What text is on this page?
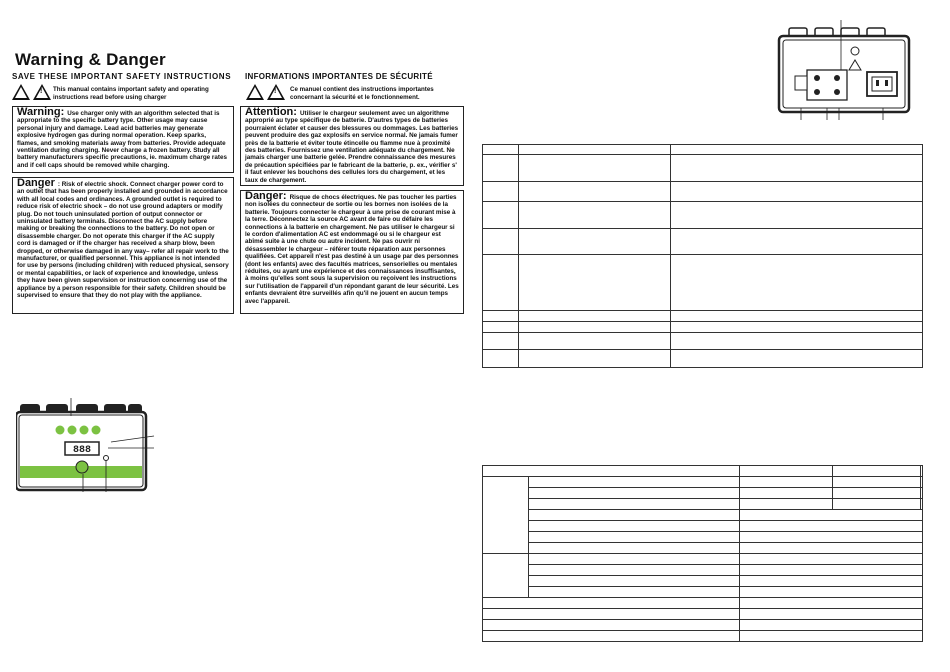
Warning & Danger
SAVE THESE IMPORTANT SAFETY INSTRUCTIONS
! This manual contains important safety and operating instructions read before using charger
Warning: Use charger only with an algorithm selected that is appropriate to the specific battery type. Other usage may cause personal injury and damage. Lead acid batteries may generate explosive hydrogen gas during normal operation. Keep sparks, flames, and smoking materials away from batteries. Provide adequate ventilation during charging. Never charge a frozen battery. Study all battery manufacturers specific precautions, ie. maximum charge rates and if cell caps should be removed while charging.
Danger : Risk of electric shock. Connect charger power cord to an outlet that has been properly installed and grounded in accordance with all local codes and ordinances. A grounded outlet is required to reduce risk of electric shock – do not use ground adapters or modify plug. Do not touch uninsulated portion of output connector or uninsulated battery terminals. Disconnect the AC supply before making or breaking the connections to the battery. Do not open or disassemble charger. Do not operate this charger if the AC supply cord is damaged or if the charger has received a sharp blow, been dropped, or otherwise damaged in any way– refer all repair work to the manufacturer, or qualified personnel. This appliance is not intended for use by persons (including children) with reduced physical, sensory or mental capabilities, or lack of experience and knowledge, unless they have been given supervision or instruction concerning use of the appliance by a person responsible for their safety. Children should be supervised to ensure that they do not play with the appliance.
INFORMATIONS IMPORTANTES DE SÉCURITÉ
! Ce manuel contient des instructions importantes concernant la sécurité et le fonctionnement.
Attention: Utiliser le chargeur seulement avec un algorithme approprié au type spécifique de batterie. D'autres types de batteries pourraient éclater et causer des blessures ou dommages. Les batteries peuvent produire des gaz explosifs en service normal. Ne jamais fumer près de la batterie et éviter toute étincelle ou flamme nue à proximité des batteries. Fournissez une ventilation adéquate du chargement. Ne jamais charger une batterie gelée. Prendre connaissance des mesures de précaution spécifiées par le fabricant de la batterie, p. ex., vérifier s' il faut enlever les bouchons des cellules lors du chargement, et les taux de chargement.
Danger: Risque de chocs électriques. Ne pas toucher les parties non isolées du connecteur de sortie ou les bornes non isolées de la batterie. Toujours connecter le chargeur à une prise de courant mise à la terre. Déconnectez la source AC avant de faire ou défaire les connections à la batterie en chargement. Ne pas utiliser le chargeur si le cordon d'alimentation AC est endommagé ou si le chargeur est abîmé suite à une chute ou autre incident. Ne pas ouvrir ni désassembler le chargeur – référer toute réparation aux personnes qualifiées. Cet appareil n'est pas destiné à un usage par des personnes (dont les enfants) avec des facultés matrices, sensorielles ou mentales réduites, ou ayant une expérience et des connaissances insuffisantes, à moins qu'elles sont sous la supervision ou reçoivent les instructions sur l'utilisation de l'appareil d'un répondant garant de leur sécurité. Les enfants devraient être surveillés afin qu'il ne jouent en aucun temps avec l'appareil.
888
